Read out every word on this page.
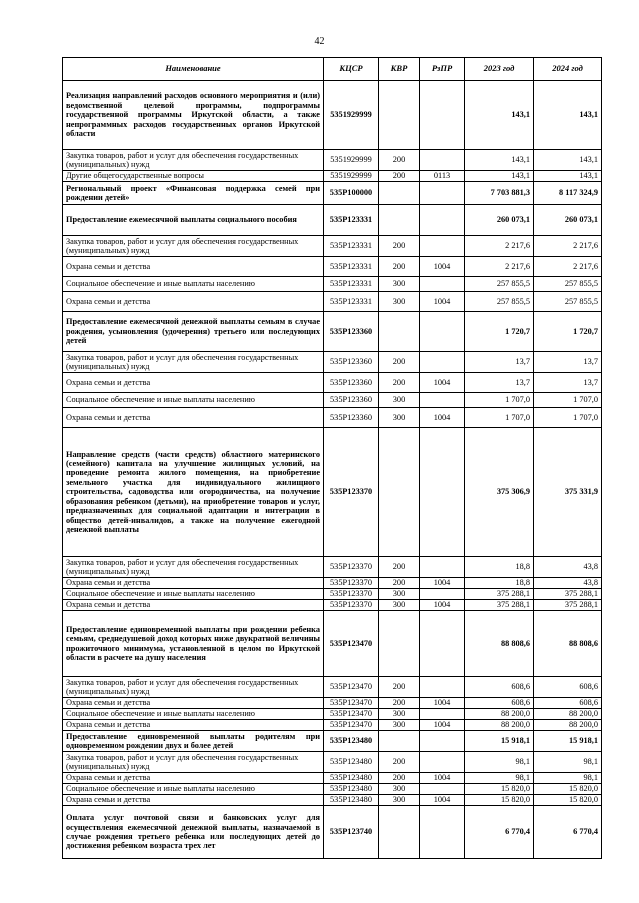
42
Наименование	КЦСР	КВР	РзПР	2023 год	2024 год
Реализация направлений расходов основного мероприятия и (или) ведомственной целевой программы, подпрограммы государственной программы Иркутской области, а также непрограммных расходов государственных органов Иркутской области	5351929999			143,1	143,1
Закупка товаров, работ и услуг для обеспечения государственных (муниципальных) нужд	5351929999	200		143,1	143,1
Другие общегосударственные вопросы	5351929999	200	0113	143,1	143,1
Региональный проект «Финансовая поддержка семей при рождении детей»	535P100000			7 703 881,3	8 117 324,9
Предоставление ежемесячной выплаты социального пособия	535P123331			260 073,1	260 073,1
Закупка товаров, работ и услуг для обеспечения государственных (муниципальных) нужд	535P123331	200		2 217,6	2 217,6
Охрана семьи и детства	535P123331	200	1004	2 217,6	2 217,6
Социальное обеспечение и иные выплаты населению	535P123331	300		257 855,5	257 855,5
Охрана семьи и детства	535P123331	300	1004	257 855,5	257 855,5
Предоставление ежемесячной денежной выплаты семьям в случае рождения, усыновления (удочерения) третьего или последующих детей	535P123360			1 720,7	1 720,7
Закупка товаров, работ и услуг для обеспечения государственных (муниципальных) нужд	535P123360	200		13,7	13,7
Охрана семьи и детства	535P123360	200	1004	13,7	13,7
Социальное обеспечение и иные выплаты населению	535P123360	300		1 707,0	1 707,0
Охрана семьи и детства	535P123360	300	1004	1 707,0	1 707,0
Направление средств (части средств) областного материнского (семейного) капитала на улучшение жилищных условий, на проведение ремонта жилого помещения, на приобретение земельного участка для индивидуального жилищного строительства, садоводства или огородничества, на получение образования ребенком (детьми), на приобретение товаров и услуг, предназначенных для социальной адаптации и интеграции в общество детей-инвалидов, а также на получение ежегодной денежной выплаты	535P123370			375 306,9	375 331,9
Закупка товаров, работ и услуг для обеспечения государственных (муниципальных) нужд	535P123370	200		18,8	43,8
Охрана семьи и детства	535P123370	200	1004	18,8	43,8
Социальное обеспечение и иные выплаты населению	535P123370	300		375 288,1	375 288,1
Охрана семьи и детства	535P123370	300	1004	375 288,1	375 288,1
Предоставление единовременной выплаты при рождении ребенка семьям, среднедушевой доход которых ниже двукратной величины прожиточного минимума, установленной в целом по Иркутской области в расчете на душу населения	535P123470			88 808,6	88 808,6
Закупка товаров, работ и услуг для обеспечения государственных (муниципальных) нужд	535P123470	200		608,6	608,6
Охрана семьи и детства	535P123470	200	1004	608,6	608,6
Социальное обеспечение и иные выплаты населению	535P123470	300		88 200,0	88 200,0
Охрана семьи и детства	535P123470	300	1004	88 200,0	88 200,0
Предоставление единовременной выплаты родителям при одновременном рождении двух и более детей	535P123480			15 918,1	15 918,1
Закупка товаров, работ и услуг для обеспечения государственных (муниципальных) нужд	535P123480	200		98,1	98,1
Охрана семьи и детства	535P123480	200	1004	98,1	98,1
Социальное обеспечение и иные выплаты населению	535P123480	300		15 820,0	15 820,0
Охрана семьи и детства	535P123480	300	1004	15 820,0	15 820,0
Оплата услуг почтовой связи и банковских услуг для осуществления ежемесячной денежной выплаты, назначаемой в случае рождения третьего ребенка или последующих детей до достижения ребенком возраста трех лет	535P123740			6 770,4	6 770,4
